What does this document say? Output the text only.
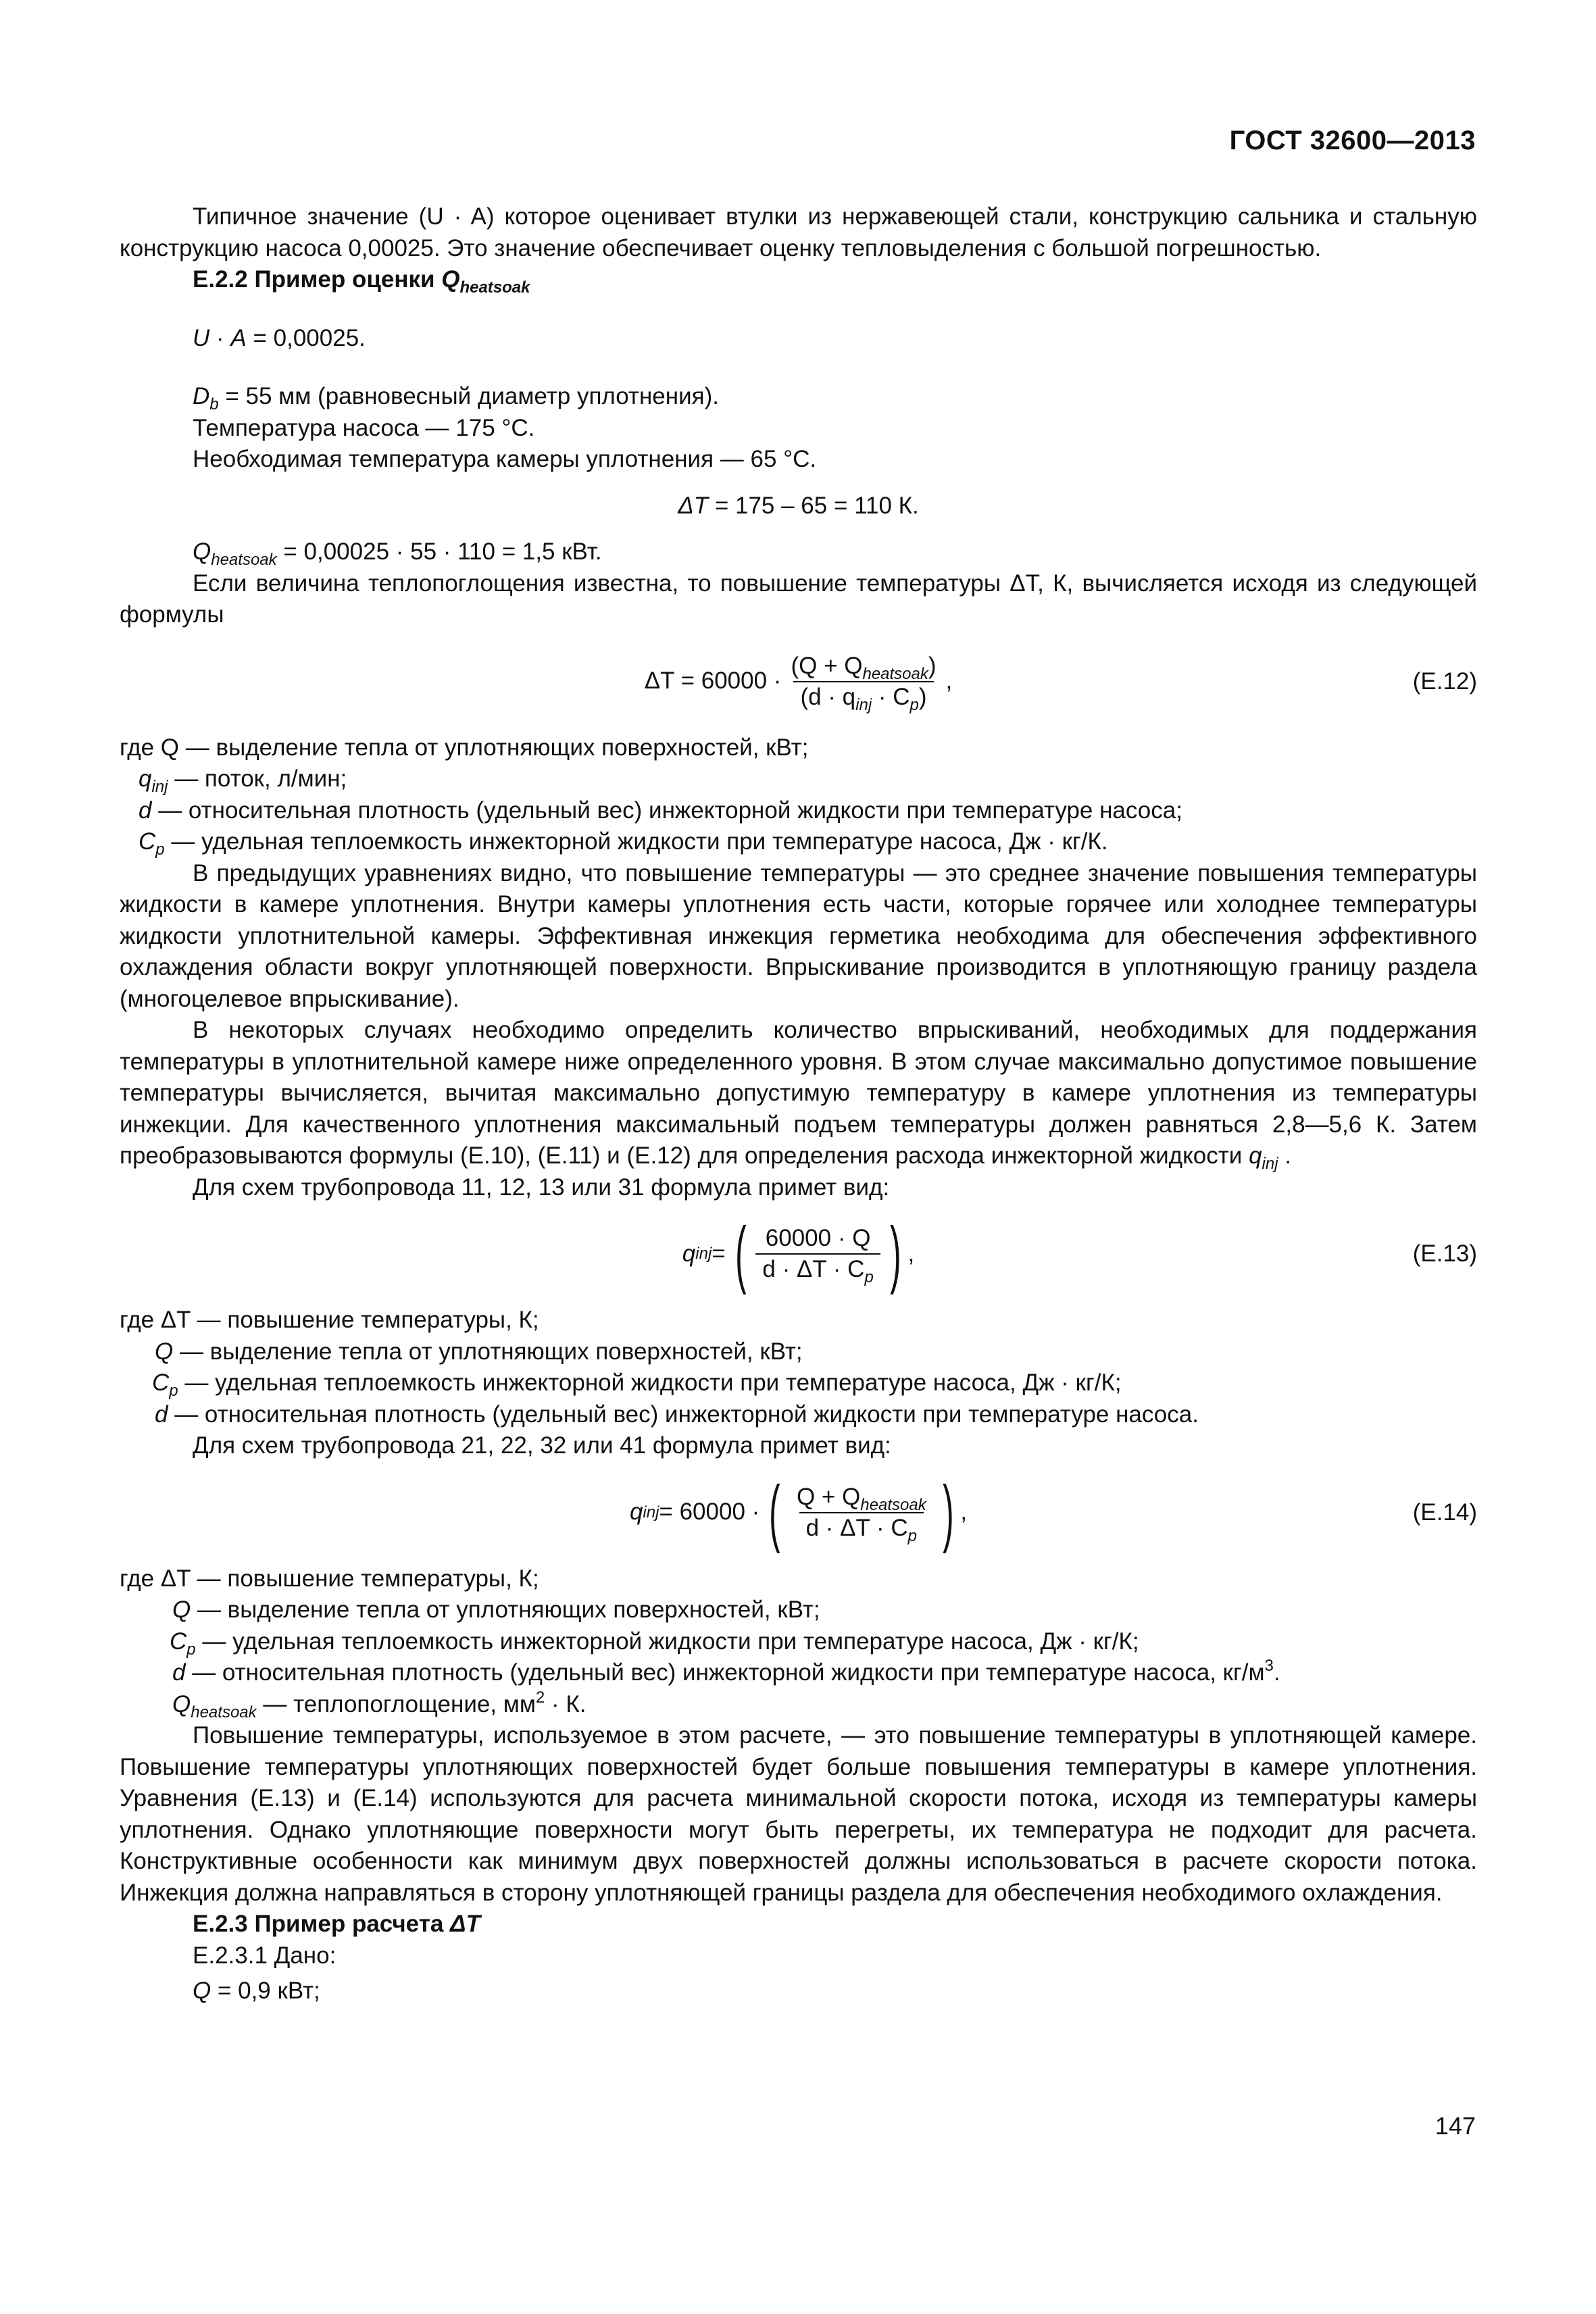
ГОСТ 32600—2013

Типичное значение (U · A) которое оценивает втулки из нержавеющей стали, конструкцию сальника и стальную конструкцию насоса 0,00025. Это значение обеспечивает оценку тепловыделения с большой погрешностью.

Е.2.2 Пример оценки $Q_{heatsoak}$

U · A = 0,00025.

$D_b = 55$ мм (равновесный диаметр уплотнения).

Температура насоса — 175 °С.

Необходимая температура камеры уплотнения — 65 °С.

ΔT = 175 – 65 = 110 К.

$Q_{heatsoak} = 0,00025 \cdot 55 \cdot 110 = 1,5$ кВт.

Если величина теплопоглощения известна, то повышение температуры ΔT, К, вычисляется исходя из следующей формулы

$\Delta T = 60000 \cdot \frac{(Q + Q_{heatsoak})}{(d \cdot q_{inj} \cdot C_p)}$ ,	(Е.12)
где Q — выделение тепла от уплотняющих поверхностей, кВт;
$q_{inj}$ — поток, л/мин;
d — относительная плотность (удельный вес) инжекторной жидкости при температуре насоса;
$C_p$ — удельная теплоемкость инжекторной жидкости при температуре насоса, Дж · кг/К.

В предыдущих уравнениях видно, что повышение температуры — это среднее значение повышения температуры жидкости в камере уплотнения. Внутри камеры уплотнения есть части, которые горячее или холоднее температуры жидкости уплотнительной камеры. Эффективная инжекция герметика необходима для обеспечения эффективного охлаждения области вокруг уплотняющей поверхности. Впрыскивание производится в уплотняющую границу раздела (многоцелевое впрыскивание).

В некоторых случаях необходимо определить количество впрыскиваний, необходимых для поддержания температуры в уплотнительной камере ниже определенного уровня. В этом случае максимально допустимое повышение температуры вычисляется, вычитая максимально допустимую температуру в камере уплотнения из температуры инжекции. Для качественного уплотнения максимальный подъем температуры должен равняться 2,8—5,6 К. Затем преобразовываются формулы (Е.10), (Е.11) и (Е.12) для определения расхода инжекторной жидкости $q_{inj}$ .

Для схем трубопровода 11, 12, 13 или 31 формула примет вид:

q inj = ( $\frac{60000 \cdot Q}{d \cdot \Delta T \cdot C_p}$ ) ,	(Е.13)
где ΔT — повышение температуры, К;
Q — выделение тепла от уплотняющих поверхностей, кВт;
$C_p$ — удельная теплоемкость инжекторной жидкости при температуре насоса, Дж · кг/К;
d — относительная плотность (удельный вес) инжекторной жидкости при температуре насоса.

Для схем трубопровода 21, 22, 32 или 41 формула примет вид:

q inj = 60000 · ( $\frac{Q + Q_{heatsoak}}{d \cdot \Delta T \cdot C_p}$ ) ,	(Е.14)
где ΔT — повышение температуры, К;
Q — выделение тепла от уплотняющих поверхностей, кВт;
$C_p$ — удельная теплоемкость инжекторной жидкости при температуре насоса, Дж · кг/К;
d — относительная плотность (удельный вес) инжекторной жидкости при температуре насоса, $кг/м^3$.
$Q_{heatsoak}$ — теплопоглощение, $мм^2 \cdot К$.

Повышение температуры, используемое в этом расчете, — это повышение температуры в уплотняющей камере. Повышение температуры уплотняющих поверхностей будет больше повышения температуры в камере уплотнения. Уравнения (Е.13) и (Е.14) используются для расчета минимальной скорости потока, исходя из температуры камеры уплотнения. Однако уплотняющие поверхности могут быть перегреты, их температура не подходит для расчета. Конструктивные особенности как минимум двух поверхностей должны использоваться в расчете скорости потока. Инжекция должна направляться в сторону уплотняющей границы раздела для обеспечения необходимого охлаждения.

Е.2.3 Пример расчета ΔT

Е.2.3.1 Дано:

Q = 0,9 кВт;

147
